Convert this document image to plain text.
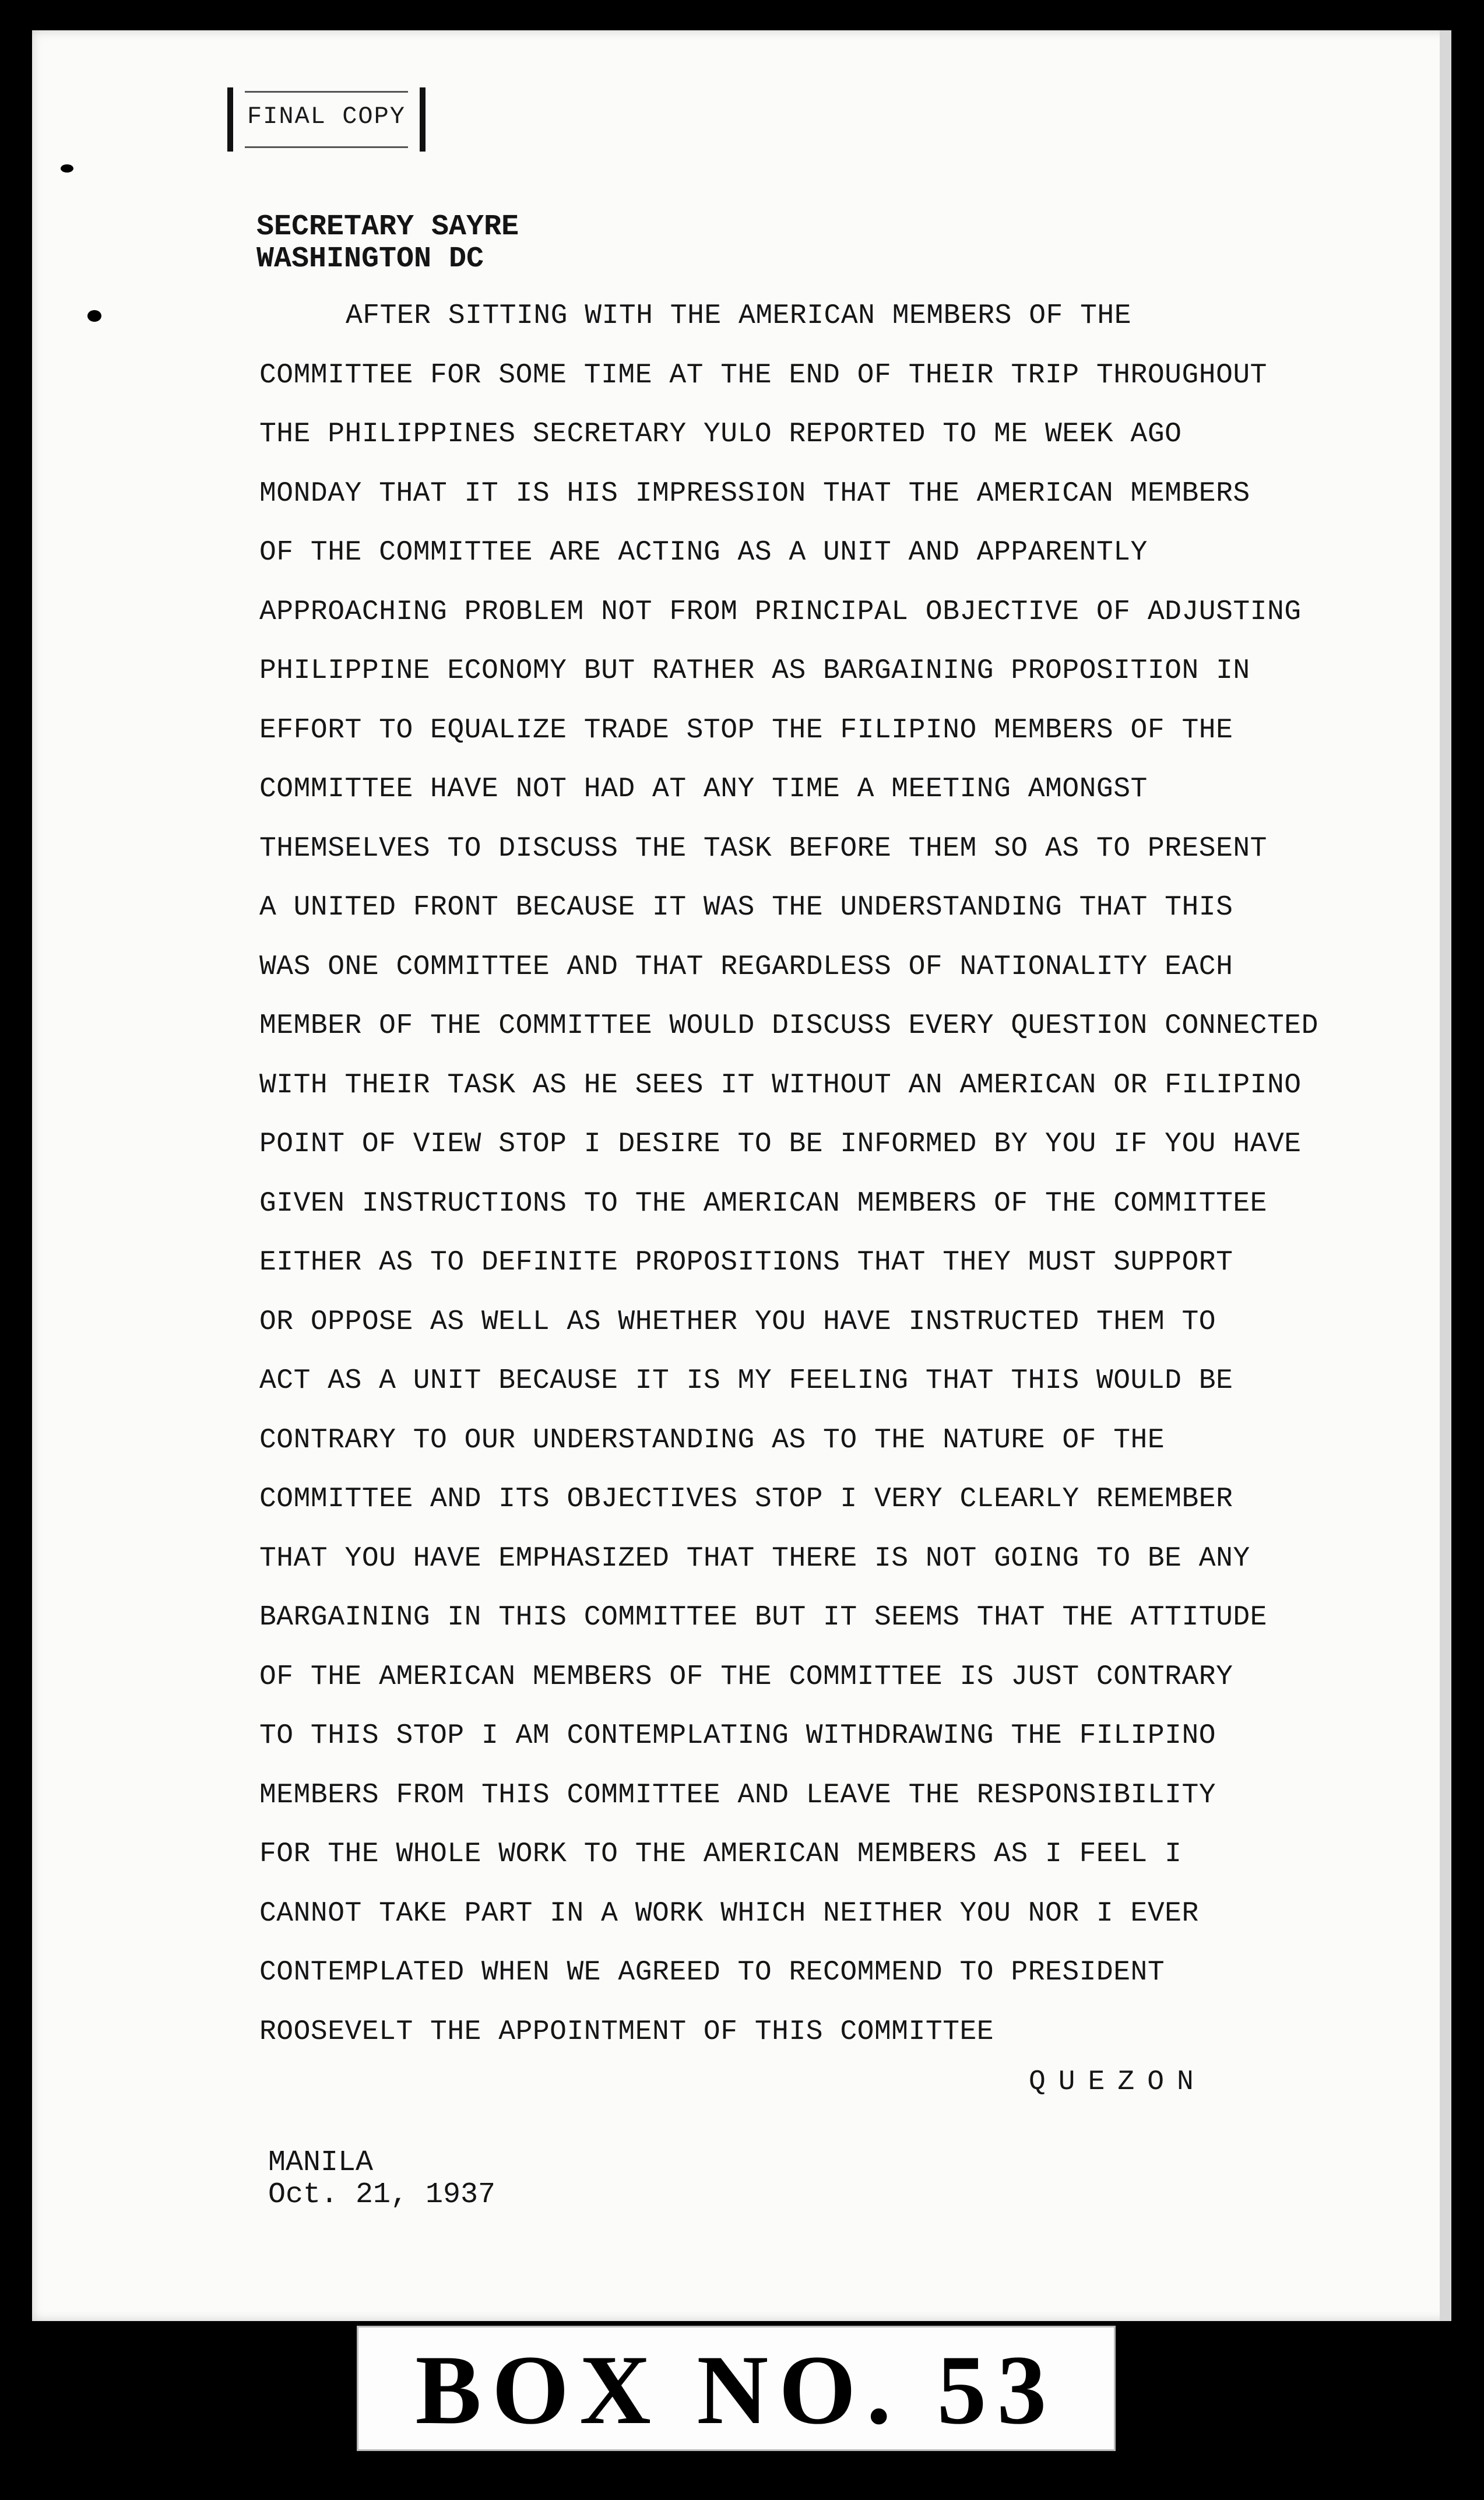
FINAL COPY
SECRETARY SAYRE
WASHINGTON DC
AFTER SITTING WITH THE AMERICAN MEMBERS OF THE
COMMITTEE FOR SOME TIME AT THE END OF THEIR TRIP THROUGHOUT
THE PHILIPPINES SECRETARY YULO REPORTED TO ME WEEK AGO
MONDAY THAT IT IS HIS IMPRESSION THAT THE AMERICAN MEMBERS
OF THE COMMITTEE ARE ACTING AS A UNIT AND APPARENTLY
APPROACHING PROBLEM NOT FROM PRINCIPAL OBJECTIVE OF ADJUSTING
PHILIPPINE ECONOMY BUT RATHER AS BARGAINING PROPOSITION IN
EFFORT TO EQUALIZE TRADE STOP THE FILIPINO MEMBERS OF THE
COMMITTEE HAVE NOT HAD AT ANY TIME A MEETING AMONGST
THEMSELVES TO DISCUSS THE TASK BEFORE THEM SO AS TO PRESENT
A UNITED FRONT BECAUSE IT WAS THE UNDERSTANDING THAT THIS
WAS ONE COMMITTEE AND THAT REGARDLESS OF NATIONALITY EACH
MEMBER OF THE COMMITTEE WOULD DISCUSS EVERY QUESTION CONNECTED
WITH THEIR TASK AS HE SEES IT WITHOUT AN AMERICAN OR FILIPINO
POINT OF VIEW STOP I DESIRE TO BE INFORMED BY YOU IF YOU HAVE
GIVEN INSTRUCTIONS TO THE AMERICAN MEMBERS OF THE COMMITTEE
EITHER AS TO DEFINITE PROPOSITIONS THAT THEY MUST SUPPORT
OR OPPOSE AS WELL AS WHETHER YOU HAVE INSTRUCTED THEM TO
ACT AS A UNIT BECAUSE IT IS MY FEELING THAT THIS WOULD BE
CONTRARY TO OUR UNDERSTANDING AS TO THE NATURE OF THE
COMMITTEE AND ITS OBJECTIVES STOP I VERY CLEARLY REMEMBER
THAT YOU HAVE EMPHASIZED THAT THERE IS NOT GOING TO BE ANY
BARGAINING IN THIS COMMITTEE BUT IT SEEMS THAT THE ATTITUDE
OF THE AMERICAN MEMBERS OF THE COMMITTEE IS JUST CONTRARY
TO THIS STOP I AM CONTEMPLATING WITHDRAWING THE FILIPINO
MEMBERS FROM THIS COMMITTEE AND LEAVE THE RESPONSIBILITY
FOR THE WHOLE WORK TO THE AMERICAN MEMBERS AS I FEEL I
CANNOT TAKE PART IN A WORK WHICH NEITHER YOU NOR I EVER
CONTEMPLATED WHEN WE AGREED TO RECOMMEND TO PRESIDENT
ROOSEVELT THE APPOINTMENT OF THIS COMMITTEE
QUEZON
MANILA
Oct. 21, 1937
BOX NO. 53
